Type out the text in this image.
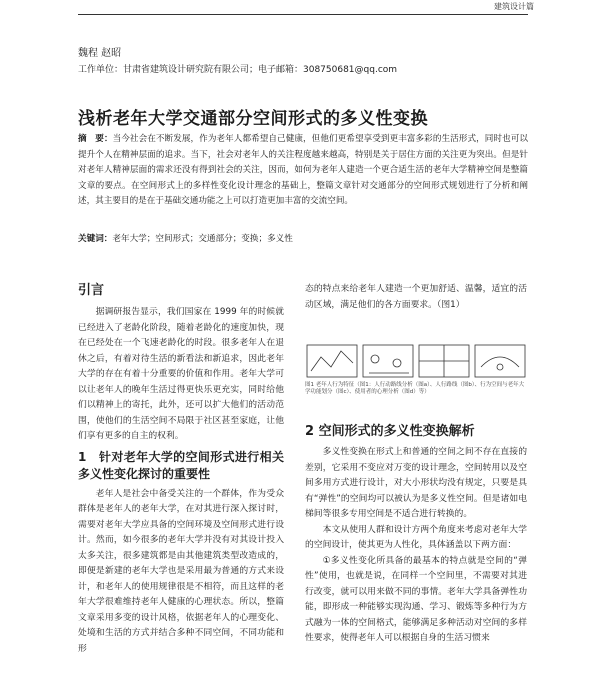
建筑设计篇
魏程 赵昭
工作单位：甘肃省建筑设计研究院有限公司；电子邮箱：308750681@qq.com
浅析老年大学交通部分空间形式的多义性变换
摘　要：当今社会在不断发展，作为老年人都希望自己健康，但他们更希望享受到更丰富多彩的生活形式，同时也可以提升个人在精神层面的追求。当下，社会对老年人的关注程度越来越高，特别是关于居住方面的关注更为突出。但是针对老年人精神层面的需求还没有得到社会的关注，因而，如何为老年人建造一个更合适生活的老年大学精神空间是整篇文章的要点。在空间形式上的多样性变化设计理念的基础上，整篇文章针对交通部分的空间形式规划进行了分析和阐述，其主要目的是在于基础交通功能之上可以打造更加丰富的交流空间。
关键词：老年大学；空间形式；交通部分；变换；多义性
引言

据调研报告显示，我们国家在 1999 年的时候就已经进入了老龄化阶段，随着老龄化的速度加快，现在已经处在一个飞速老龄化的时段。很多老年人在退休之后，有着对待生活的新看法和新追求，因此老年大学的存在有着十分重要的价值和作用。老年大学可以让老年人的晚年生活过得更快乐更充实，同时给他们以精神上的寄托，此外，还可以扩大他们的活动范围，使他们的生活空间不局限于社区甚至家庭，让他们享有更多的自主的权利。

1　针对老年大学的空间形式进行相关多义性变化探讨的重要性

老年人是社会中备受关注的一个群体，作为受众群体是老年人的老年大学，在对其进行深入探讨时，需要对老年大学应具备的空间环境及空间形式进行设计。然而，如今很多的老年大学并没有对其设计投入太多关注，很多建筑都是由其他建筑类型改造成的，即便是新建的老年大学也是采用最为普通的方式来设计，和老年人的使用规律很是不相符，而且这样的老年大学很难维持老年人健康的心理状态。所以，整篇文章采用多变的设计风格，依据老年人的心理变化、处境和生活的方式并结合多种不同空间，不同功能和形

态的特点来给老年人建造一个更加舒适、温馨，适宜的活动区域，满足他们的各方面要求。（图1）

图1 老年人行为特征（图1：人行动路线分析（图a）、人行路线（图b）、行为空间与老年大学功能划分（图c）、使用者的心理分析（图d）等）
2 空间形式的多义性变换解析

多义性变换在形式上和普通的空间之间不存在直接的差别，它采用不变应对万变的设计理念，空间转用以及空间多用方式进行设计，对大小形状均没有规定，只要是具有“弹性”的空间均可以被认为是多义性空间。但是诸如电梯间等很多专用空间是不适合进行转换的。

本文从使用人群和设计方两个角度来考虑对老年大学的空间设计，使其更为人性化，具体涵盖以下两方面：

①多义性变化所具备的最基本的特点就是空间的“弹性”使用，也就是说，在同样一个空间里，不需要对其进行改变，就可以用来做不同的事情。老年大学具备弹性功能，即形成一种能够实现沟通、学习、锻炼等多种行为方式融为一体的空间格式，能够满足多种活动对空间的多样性要求，使得老年人可以根据自身的生活习惯来
